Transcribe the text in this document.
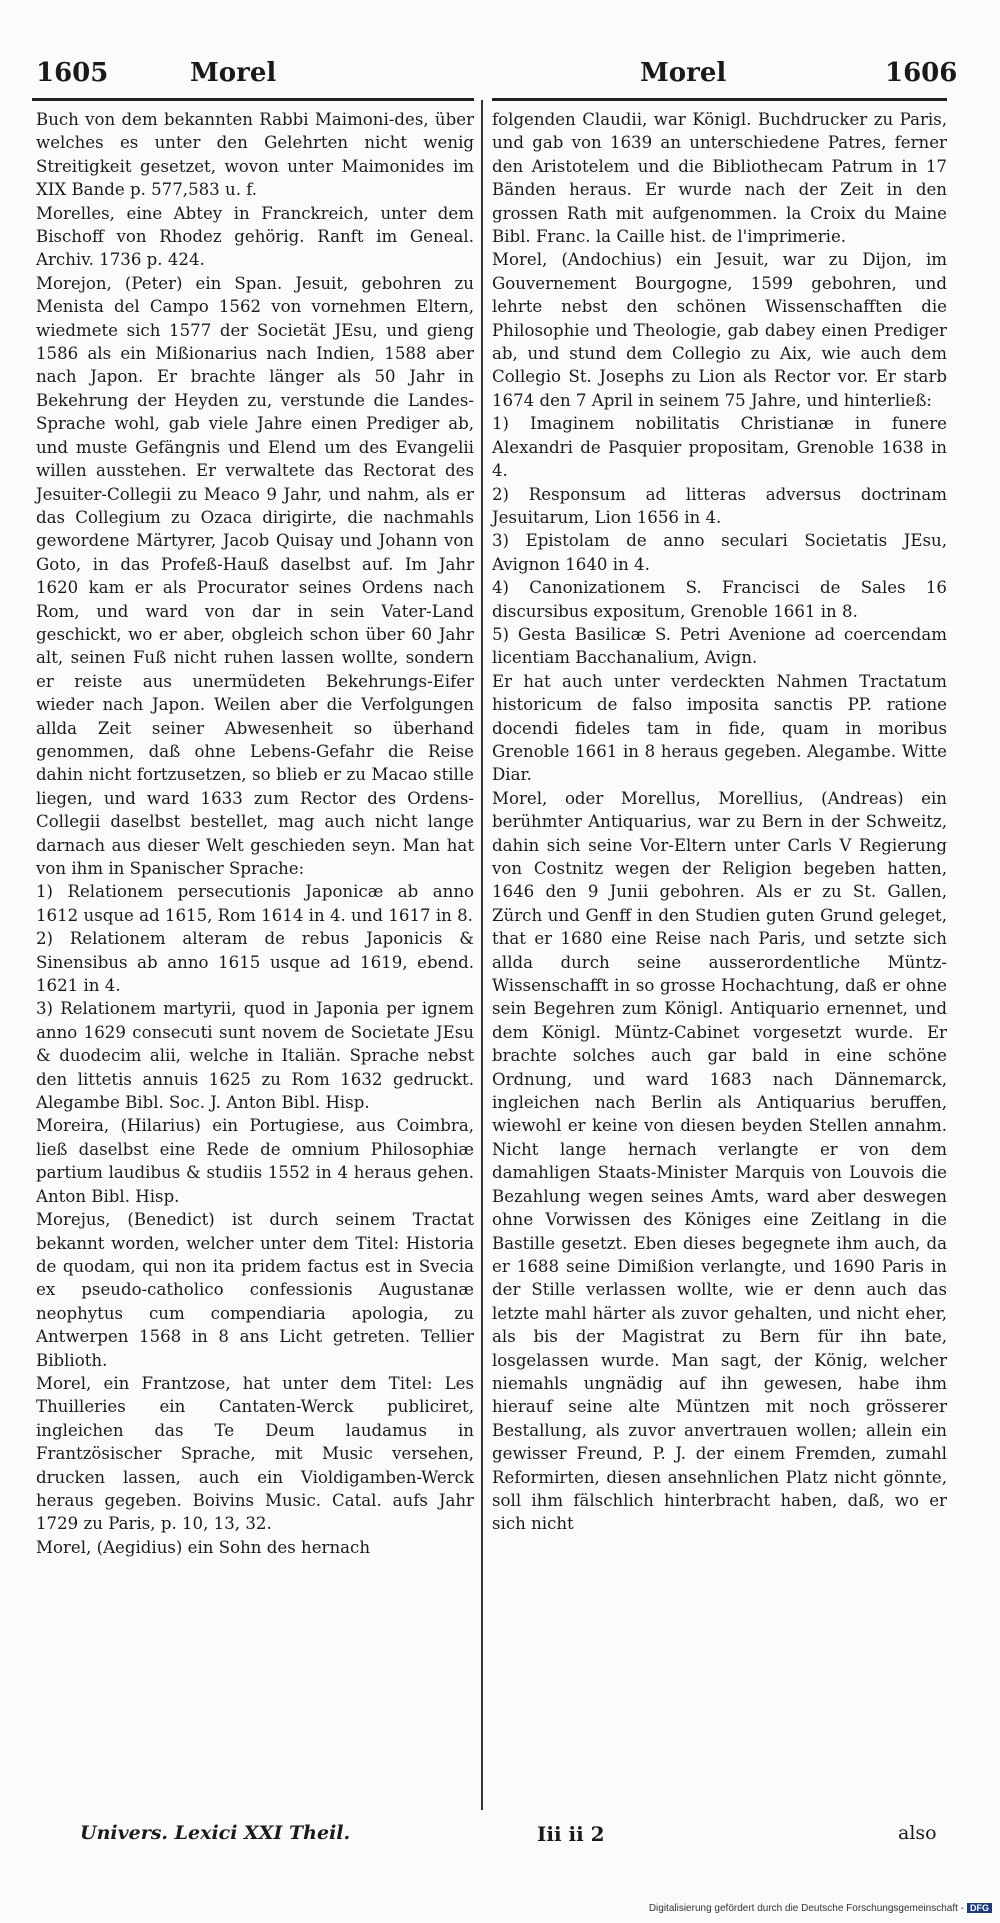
1605	Morel	Morel	1606

Buch von dem bekannten Rabbi Maimoni-des, über welches es unter den Gelehrten nicht wenig Streitigkeit gesetzet, wovon unter Maimonides im XIX Bande p. 577,583 u. f.

Morelles, eine Abtey in Franckreich, unter dem Bischoff von Rhodez gehörig. Ranft im Geneal. Archiv. 1736 p. 424.

Morejon, (Peter) ein Span. Jesuit, gebohren zu Menista del Campo 1562 von vornehmen Eltern, wiedmete sich 1577 der Societät JEsu, und gieng 1586 als ein Mißionarius nach Indien, 1588 aber nach Japon. Er brachte länger als 50 Jahr in Bekehrung der Heyden zu, verstunde die Landes-Sprache wohl, gab viele Jahre einen Prediger ab, und muste Gefängnis und Elend um des Evangelii willen ausstehen. Er verwaltete das Rectorat des Jesuiter-Collegii zu Meaco 9 Jahr, und nahm, als er das Collegium zu Ozaca dirigirte, die nachmahls gewordene Märtyrer, Jacob Quisay und Johann von Goto, in das Profeß-Hauß daselbst auf. Im Jahr 1620 kam er als Procurator seines Ordens nach Rom, und ward von dar in sein Vater-Land geschickt, wo er aber, obgleich schon über 60 Jahr alt, seinen Fuß nicht ruhen lassen wollte, sondern er reiste aus unermüdeten Bekehrungs-Eifer wieder nach Japon. Weilen aber die Verfolgungen allda Zeit seiner Abwesenheit so überhand genommen, daß ohne Lebens-Gefahr die Reise dahin nicht fortzusetzen, so blieb er zu Macao stille liegen, und ward 1633 zum Rector des Ordens-Collegii daselbst bestellet, mag auch nicht lange darnach aus dieser Welt geschieden seyn. Man hat von ihm in Spanischer Sprache:

1) Relationem persecutionis Japonicæ ab anno 1612 usque ad 1615, Rom 1614 in 4. und 1617 in 8.

2) Relationem alteram de rebus Japonicis & Sinensibus ab anno 1615 usque ad 1619, ebend. 1621 in 4.

3) Relationem martyrii, quod in Japonia per ignem anno 1629 consecuti sunt novem de Societate JEsu & duodecim alii, welche in Italiän. Sprache nebst den littetis annuis 1625 zu Rom 1632 gedruckt. Alegambe Bibl. Soc. J. Anton Bibl. Hisp.

Moreira, (Hilarius) ein Portugiese, aus Coimbra, ließ daselbst eine Rede de omnium Philosophiæ partium laudibus & studiis 1552 in 4 heraus gehen. Anton Bibl. Hisp.

Morejus, (Benedict) ist durch seinem Tractat bekannt worden, welcher unter dem Titel: Historia de quodam, qui non ita pridem factus est in Svecia ex pseudo-catholico confessionis Augustanæ neophytus cum compendiaria apologia, zu Antwerpen 1568 in 8 ans Licht getreten. Tellier Biblioth.

Morel, ein Frantzose, hat unter dem Titel: Les Thuilleries ein Cantaten-Werck publiciret, ingleichen das Te Deum laudamus in Frantzösischer Sprache, mit Music versehen, drucken lassen, auch ein Violdigamben-Werck heraus gegeben. Boivins Music. Catal. aufs Jahr 1729 zu Paris, p. 10, 13, 32.

Morel, (Aegidius) ein Sohn des hernach

folgenden Claudii, war Königl. Buchdrucker zu Paris, und gab von 1639 an unterschiedene Patres, ferner den Aristotelem und die Bibliothecam Patrum in 17 Bänden heraus. Er wurde nach der Zeit in den grossen Rath mit aufgenommen. la Croix du Maine Bibl. Franc. la Caille hist. de l'imprimerie.

Morel, (Andochius) ein Jesuit, war zu Dijon, im Gouvernement Bourgogne, 1599 gebohren, und lehrte nebst den schönen Wissenschafften die Philosophie und Theologie, gab dabey einen Prediger ab, und stund dem Collegio zu Aix, wie auch dem Collegio St. Josephs zu Lion als Rector vor. Er starb 1674 den 7 April in seinem 75 Jahre, und hinterließ:

1) Imaginem nobilitatis Christianæ in funere Alexandri de Pasquier propositam, Grenoble 1638 in 4.

2) Responsum ad litteras adversus doctrinam Jesuitarum, Lion 1656 in 4.

3) Epistolam de anno seculari Societatis JEsu, Avignon 1640 in 4.

4) Canonizationem S. Francisci de Sales 16 discursibus expositum, Grenoble 1661 in 8.

5) Gesta Basilicæ S. Petri Avenione ad coercendam licentiam Bacchanalium, Avign.

Er hat auch unter verdeckten Nahmen Tractatum historicum de falso imposita sanctis PP. ratione docendi fideles tam in fide, quam in moribus Grenoble 1661 in 8 heraus gegeben. Alegambe. Witte Diar.

Morel, oder Morellus, Morellius, (Andreas) ein berühmter Antiquarius, war zu Bern in der Schweitz, dahin sich seine Vor-Eltern unter Carls V Regierung von Costnitz wegen der Religion begeben hatten, 1646 den 9 Junii gebohren. Als er zu St. Gallen, Zürch und Genff in den Studien guten Grund geleget, that er 1680 eine Reise nach Paris, und setzte sich allda durch seine ausserordentliche Müntz-Wissenschafft in so grosse Hochachtung, daß er ohne sein Begehren zum Königl. Antiquario ernennet, und dem Königl. Müntz-Cabinet vorgesetzt wurde. Er brachte solches auch gar bald in eine schöne Ordnung, und ward 1683 nach Dännemarck, ingleichen nach Berlin als Antiquarius beruffen, wiewohl er keine von diesen beyden Stellen annahm. Nicht lange hernach verlangte er von dem damahligen Staats-Minister Marquis von Louvois die Bezahlung wegen seines Amts, ward aber deswegen ohne Vorwissen des Königes eine Zeitlang in die Bastille gesetzt. Eben dieses begegnete ihm auch, da er 1688 seine Dimißion verlangte, und 1690 Paris in der Stille verlassen wollte, wie er denn auch das letzte mahl härter als zuvor gehalten, und nicht eher, als bis der Magistrat zu Bern für ihn bate, losgelassen wurde. Man sagt, der König, welcher niemahls ungnädig auf ihn gewesen, habe ihm hierauf seine alte Müntzen mit noch grösserer Bestallung, als zuvor anvertrauen wollen; allein ein gewisser Freund, P. J. der einem Fremden, zumahl Reformirten, diesen ansehnlichen Platz nicht gönnte, soll ihm fälschlich hinterbracht haben, daß, wo er sich nicht

Univers. Lexici XXI Theil.	Iii ii 2	also
Digitalisierung gefördert durch die Deutsche Forschungsgemeinschaft - DFG
